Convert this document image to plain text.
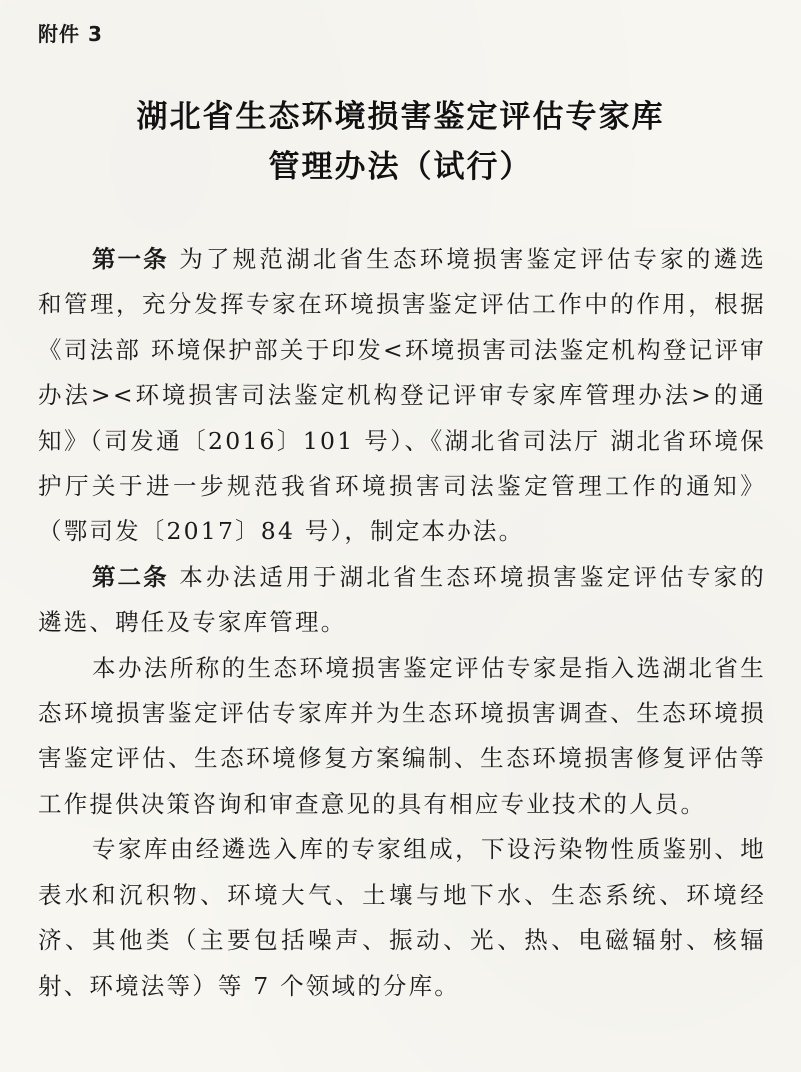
附件 3
湖北省生态环境损害鉴定评估专家库
管理办法（试行）

第一条 为了规范湖北省生态环境损害鉴定评估专家的遴选和管理，充分发挥专家在环境损害鉴定评估工作中的作用，根据《司法部 环境保护部关于印发<环境损害司法鉴定机构登记评审办法><环境损害司法鉴定机构登记评审专家库管理办法>的通知》（司发通〔2016〕101 号）、《湖北省司法厅 湖北省环境保护厅关于进一步规范我省环境损害司法鉴定管理工作的通知》（鄂司发〔2017〕84 号），制定本办法。

第二条 本办法适用于湖北省生态环境损害鉴定评估专家的遴选、聘任及专家库管理。

本办法所称的生态环境损害鉴定评估专家是指入选湖北省生态环境损害鉴定评估专家库并为生态环境损害调查、生态环境损害鉴定评估、生态环境修复方案编制、生态环境损害修复评估等工作提供决策咨询和审查意见的具有相应专业技术的人员。

专家库由经遴选入库的专家组成，下设污染物性质鉴别、地表水和沉积物、环境大气、土壤与地下水、生态系统、环境经济、其他类（主要包括噪声、振动、光、热、电磁辐射、核辐射、环境法等）等 7 个领域的分库。
